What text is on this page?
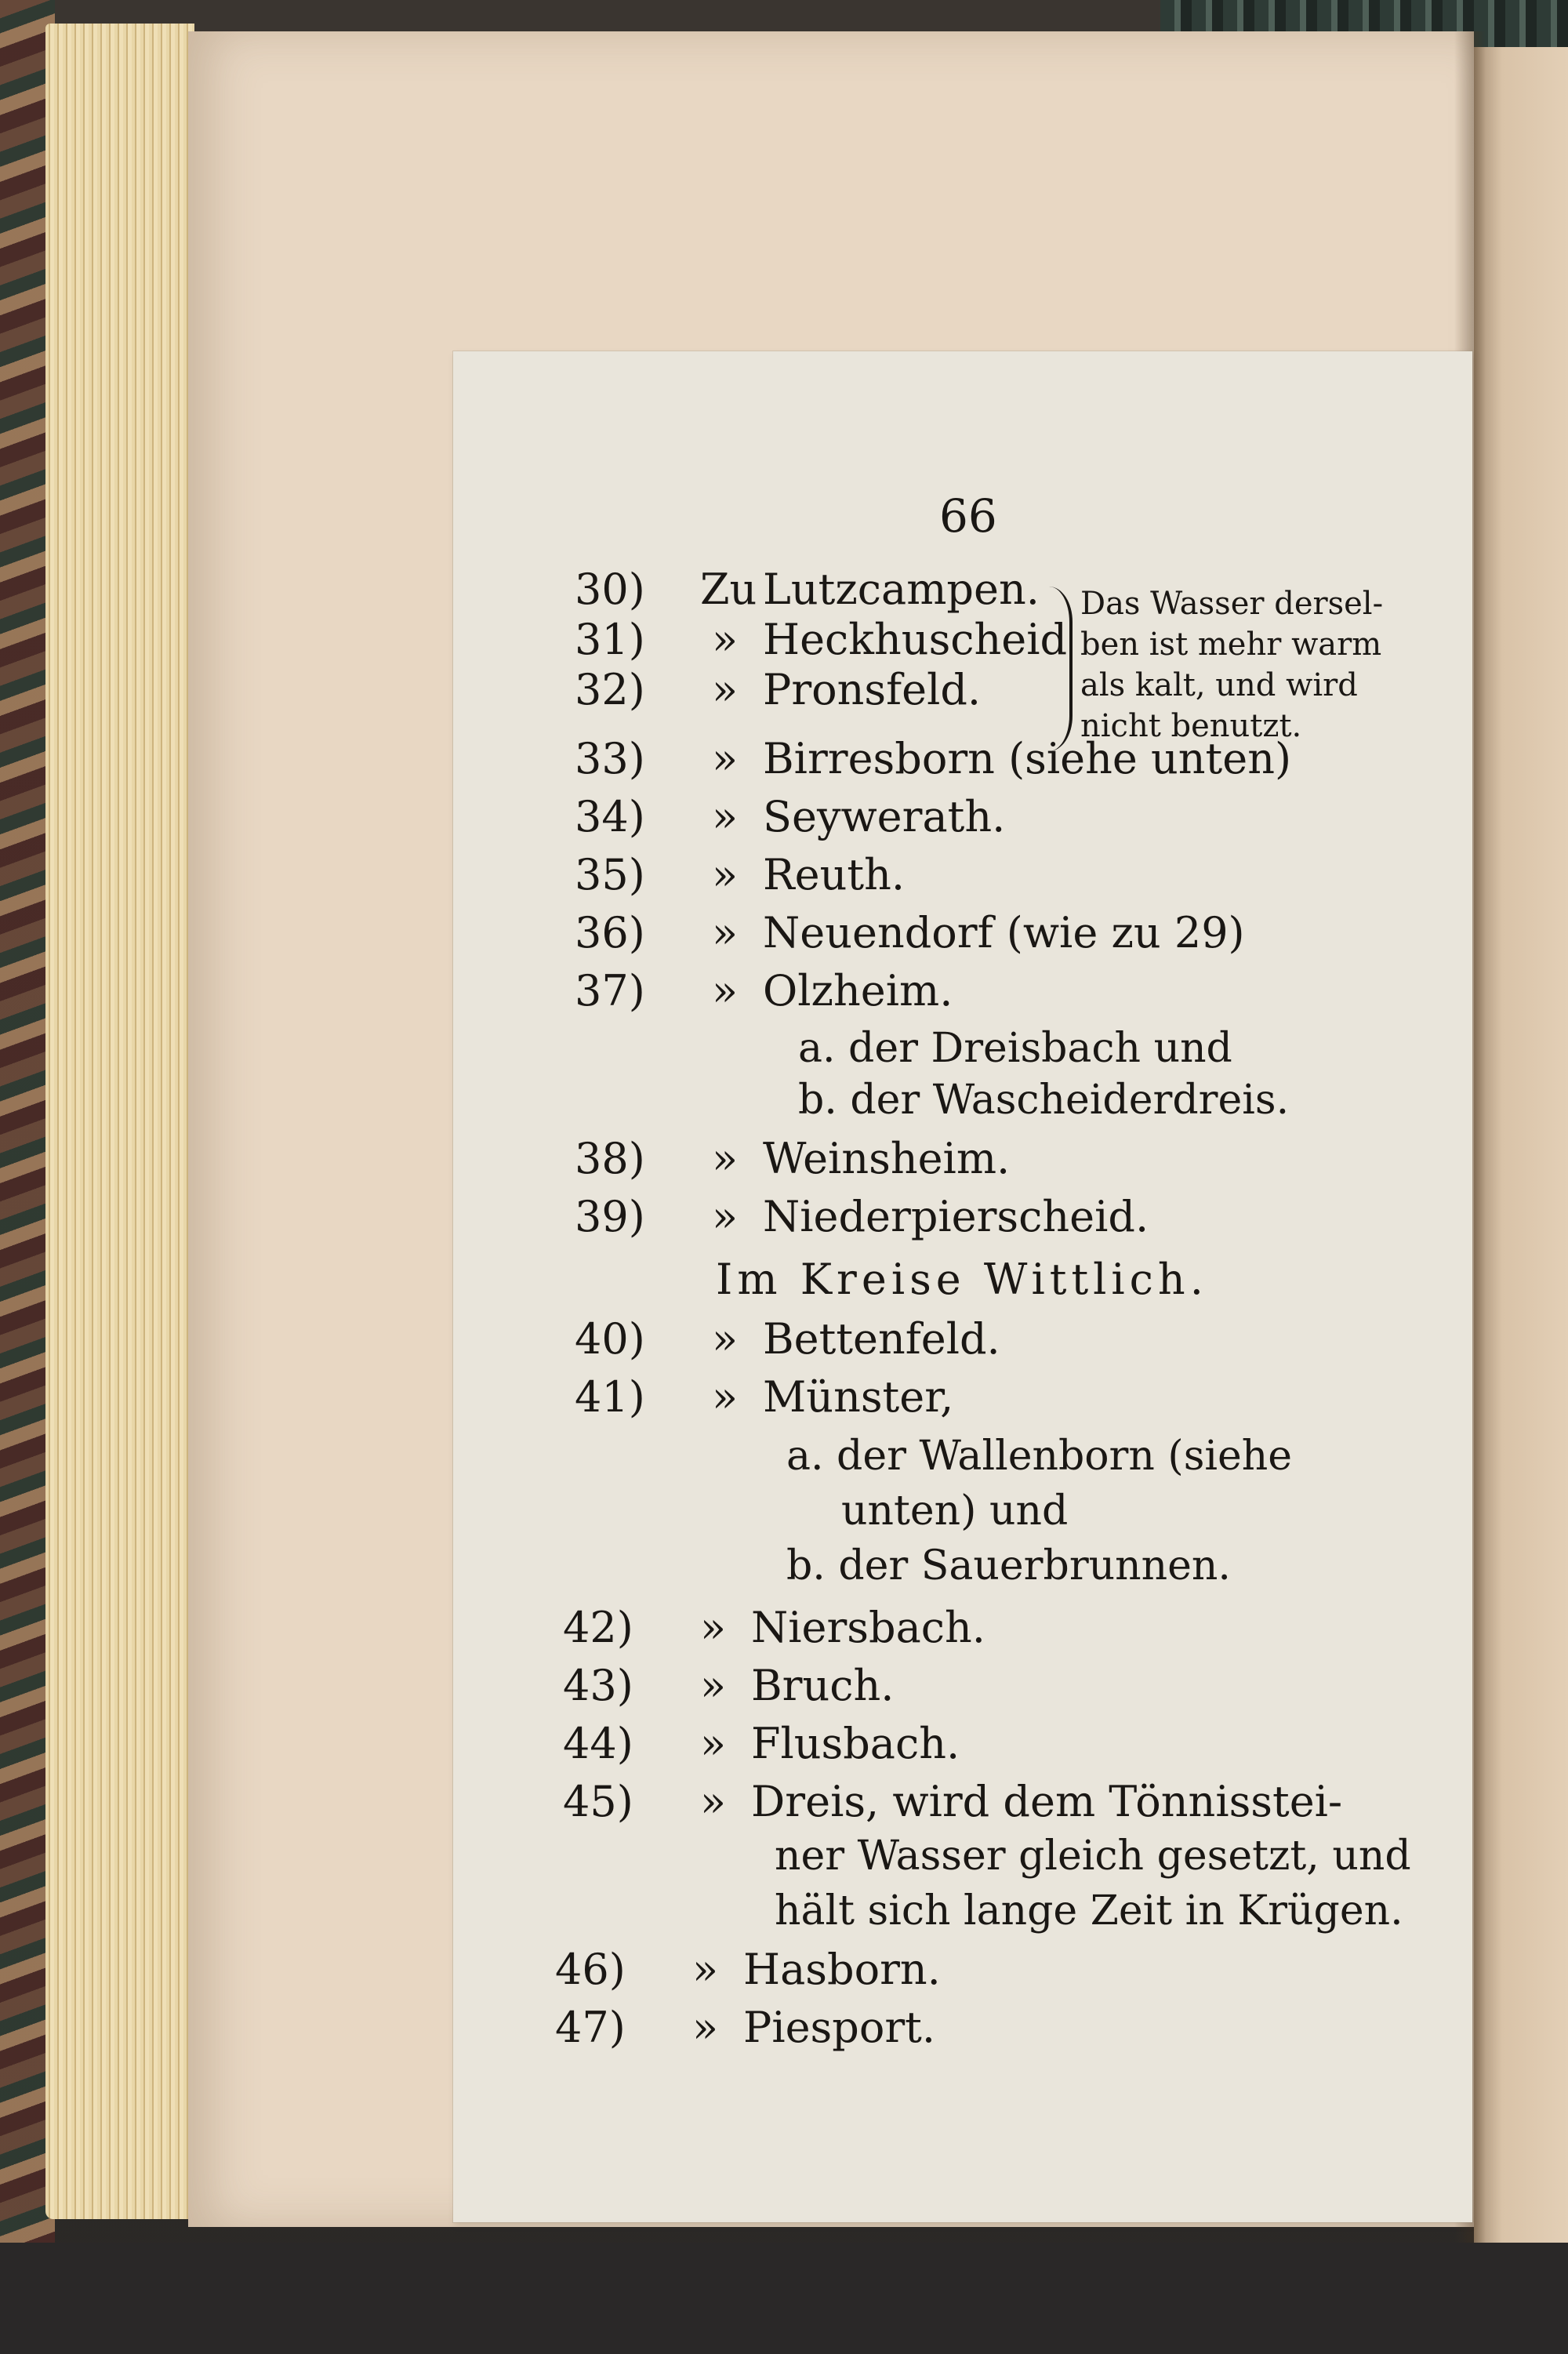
66
30) Zu Lutzcampen.
31) » Heckhuscheid
32) » Pronsfeld.
Das Wasser dersel-
ben ist mehr warm
als kalt, und wird
nicht benutzt.
33) » Birresborn (siehe unten)
34) » Seywerath.
35) » Reuth.
36) » Neuendorf (wie zu 29)
37) » Olzheim.
a. der Dreisbach und
b. der Wascheiderdreis.
38) » Weinsheim.
39) » Niederpierscheid.
Im Kreise Wittlich.
40) » Bettenfeld.
41) » Münster,
a. der Wallenborn (siehe
unten) und
b. der Sauerbrunnen.
42) » Niersbach.
43) » Bruch.
44) » Flusbach.
45) » Dreis, wird dem Tönnisstei-
ner Wasser gleich gesetzt, und
hält sich lange Zeit in Krügen.
46) » Hasborn.
47) » Piesport.
